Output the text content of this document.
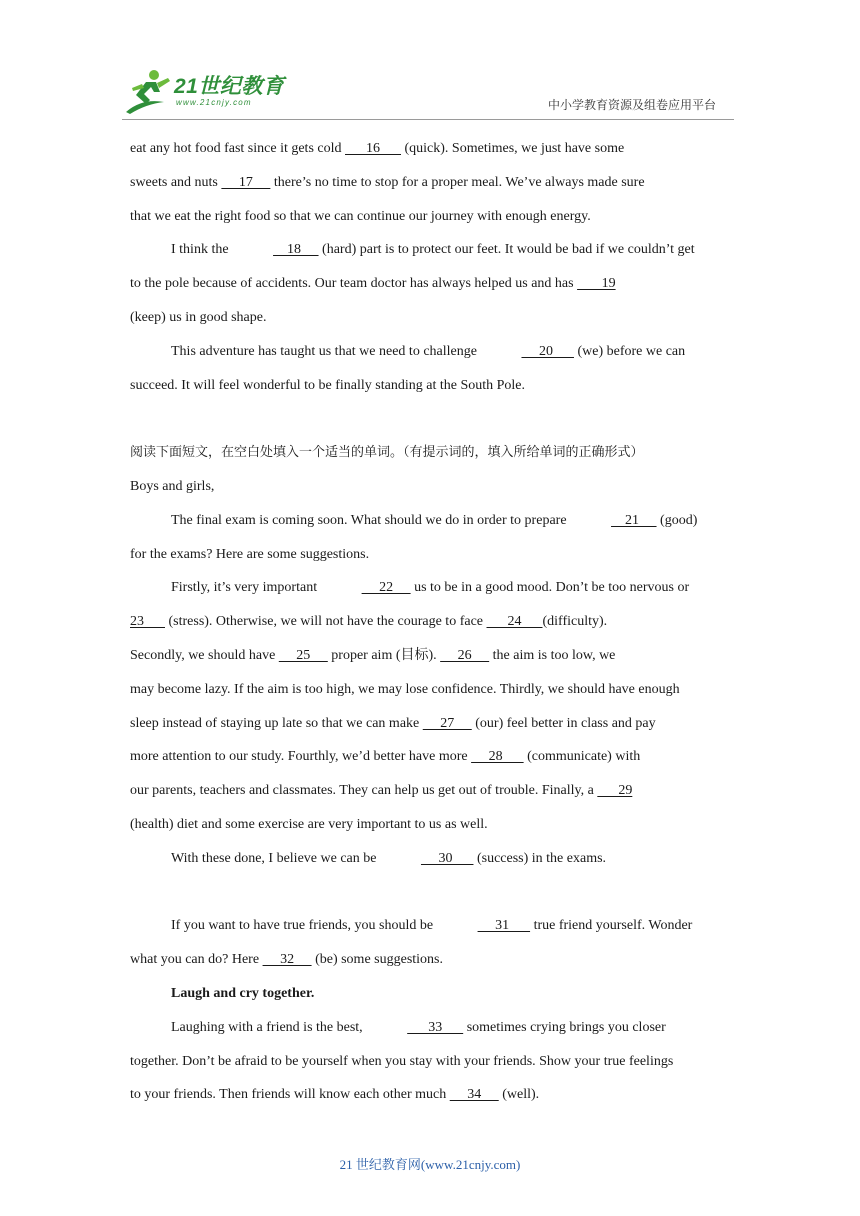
21世纪教育
www.21cnjy.com	中小学教育资源及组卷应用平台

eat any hot food fast since it gets cold       16       (quick). Sometimes, we just have some

sweets and nuts      17      there’s no time to stop for a proper meal. We’ve always made sure

that we eat the right food so that we can continue our journey with enough energy.

I think the	18      (hard) part is to protect our feet. It would be bad if we couldn’t get

to the pole because of accidents. Our team doctor has always helped us and has        19

(keep) us in good shape.

This adventure has taught us that we need to challenge	20       (we) before we can

succeed. It will feel wonderful to be finally standing at the South Pole.

阅读下面短文，在空白处填入一个适当的单词。（有提示词的，填入所给单词的正确形式）

Boys and girls,

The final exam is coming soon. What should we do in order to prepare	21      (good)

for the exams? Here are some suggestions.

Firstly, it’s very important	22      us to be in a good mood. Don’t be too nervous or

23       (stress). Otherwise, we will not have the courage to face       24      (difficulty).

Secondly, we should have      25      proper aim (目标).      26      the aim is too low, we

may become lazy. If the aim is too high, we may lose confidence. Thirdly, we should have enough

sleep instead of staying up late so that we can make      27      (our) feel better in class and pay

more attention to our study. Fourthly, we’d better have more      28       (communicate) with

our parents, teachers and classmates. They can help us get out of trouble. Finally, a       29

(health) diet and some exercise are very important to us as well.

With these done, I believe we can be	30       (success) in the exams.

If you want to have true friends, you should be	31       true friend yourself. Wonder

what you can do? Here      32      (be) some suggestions.

Laugh and cry together.

Laughing with a friend is the best,	33       sometimes crying brings you closer

together. Don’t be afraid to be yourself when you stay with your friends. Show your true feelings

to your friends. Then friends will know each other much      34      (well).

21 世纪教育网(www.21cnjy.com)
